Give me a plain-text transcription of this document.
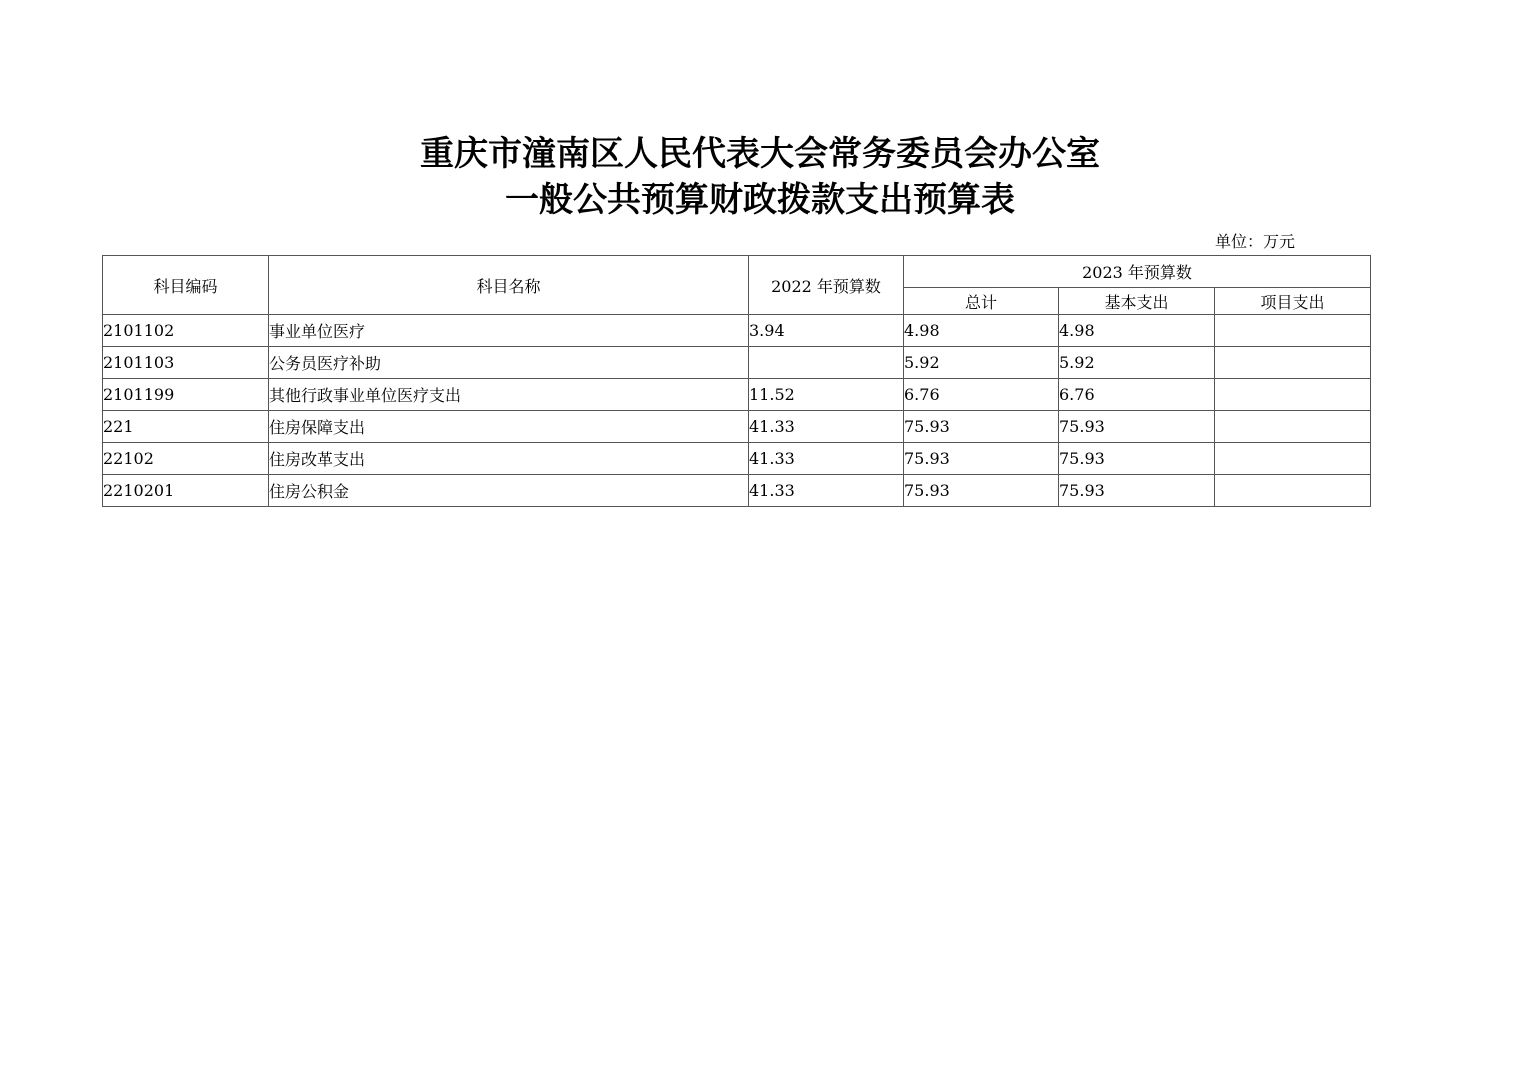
重庆市潼南区人民代表大会常务委员会办公室
一般公共预算财政拨款支出预算表
单位：万元
科目编码	科目名称	2022 年预算数	2023 年预算数		
			总计	基本支出	项目支出
2101102	事业单位医疗	3.94	4.98	4.98	
2101103	公务员医疗补助		5.92	5.92	
2101199	其他行政事业单位医疗支出	11.52	6.76	6.76	
221	住房保障支出	41.33	75.93	75.93	
22102	住房改革支出	41.33	75.93	75.93	
2210201	住房公积金	41.33	75.93	75.93	
